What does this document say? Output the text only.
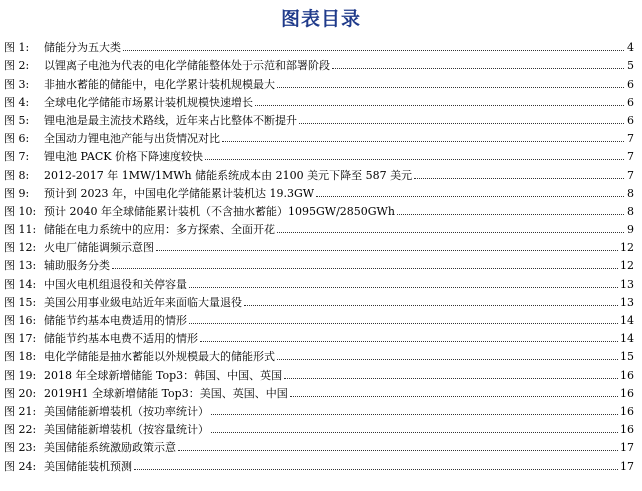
图表目录
图 1:	储能分为五大类	4
图 2:	以锂离子电池为代表的电化学储能整体处于示范和部署阶段	5
图 3:	非抽水蓄能的储能中，电化学累计装机规模最大	6
图 4:	全球电化学储能市场累计装机规模快速增长	6
图 5:	锂电池是最主流技术路线，近年来占比整体不断提升	6
图 6:	全国动力锂电池产能与出货情况对比	7
图 7:	锂电池 PACK 价格下降速度较快	7
图 8:	2012-2017 年 1MW/1MWh 储能系统成本由 2100 美元下降至 587 美元	7
图 9:	预计到 2023 年，中国电化学储能累计装机达 19.3GW	8
图 10: 预计 2040 年全球储能累计装机（不含抽水蓄能）1095GW/2850GWh	8
图 11: 储能在电力系统中的应用：多方探索、全面开花	9
图 12: 火电厂储能调频示意图	12
图 13: 辅助服务分类	12
图 14: 中国火电机组退役和关停容量	13
图 15: 美国公用事业級电站近年来面临大量退役	13
图 16: 储能节约基本电费适用的情形	14
图 17: 储能节约基本电费不适用的情形	14
图 18: 电化学储能是抽水蓄能以外规模最大的储能形式	15
图 19: 2018 年全球新增储能 Top3：韩国、中国、英国	16
图 20: 2019H1 全球新增储能 Top3：美国、英国、中国	16
图 21: 美国储能新增装机（按功率统计）	16
图 22: 美国储能新增装机（按容量统计）	16
图 23: 美国储能系统激励政策示意	17
图 24: 美国储能装机预测	17
